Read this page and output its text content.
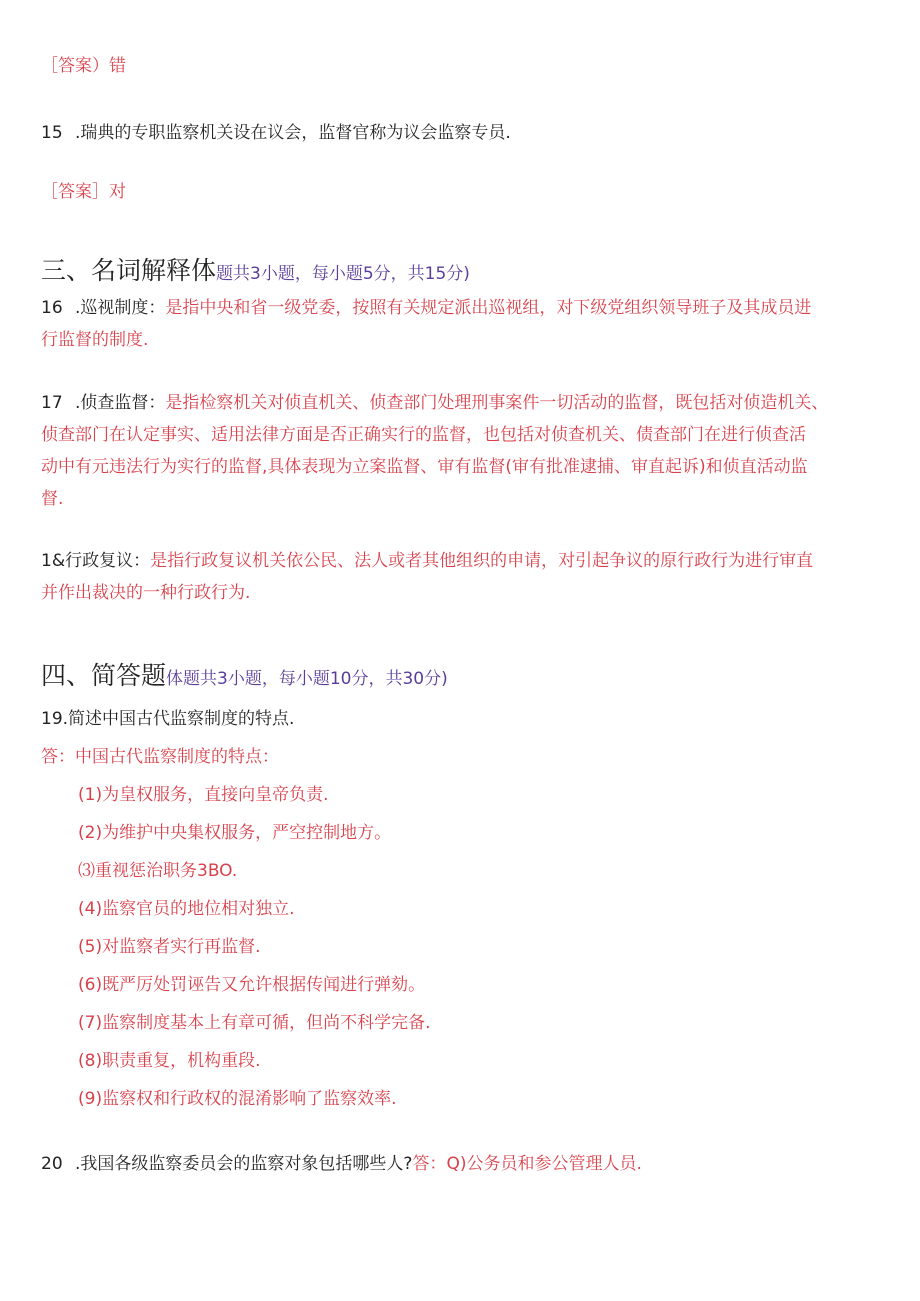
［答案）错
15 .瑞典的专职监察机关设在议会，监督官称为议会监察专员.
［答案］对
三、名词解释体题共3小题，每小题5分，共15分)
16 .巡视制度：是指中央和省一级党委，按照有关规定派出巡视组，对下级党组织领导班子及其成员进
行监督的制度.
17 .侦查监督：是指检察机关对侦直机关、侦查部门处理刑事案件一切活动的监督，既包括对侦造机关、
侦查部门在认定事实、适用法律方面是否正确实行的监督，也包括对侦查机关、债查部门在进行侦查活
动中有元违法行为实行的监督,具体表现为立案监督、审有监督(审有批准逮捕、审直起诉)和侦直活动监
督.
1&行政复议：是指行政复议机关依公民、法人或者其他组织的申请，对引起争议的原行政行为进行审直
并作出裁决的一种行政行为.
四、简答题体题共3小题，每小题10分，共30分)
19.简述中国古代监察制度的特点.
答：中国古代监察制度的特点：
(1)为皇权服务，直接向皇帝负责.
(2)为维护中央集权服务，严空控制地方。
⑶重视惩治职务3BO.
(4)监察官员的地位相对独立.
(5)对监察者实行再监督.
(6)既严厉处罚诬告又允许根据传闻进行弹劾。
(7)监察制度基本上有章可循，但尚不科学完备.
(8)职责重复，机构重段.
(9)监察权和行政权的混淆影响了监察效率.
20 .我国各级监察委员会的监察对象包括哪些人?答：Q)公务员和参公管理人员.
